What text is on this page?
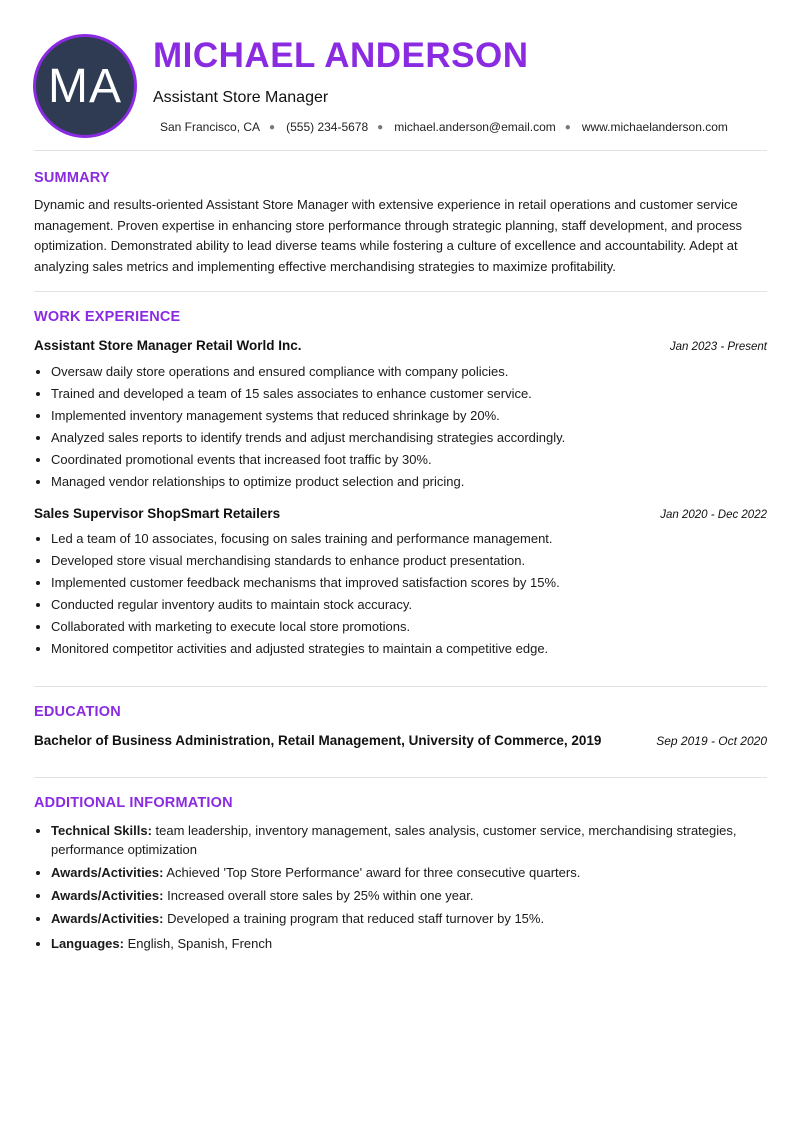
MA
MICHAEL ANDERSON
Assistant Store Manager
San Francisco, CA ● (555) 234-5678 ● michael.anderson@email.com ● www.michaelanderson.com
SUMMARY

Dynamic and results-oriented Assistant Store Manager with extensive experience in retail operations and customer service management. Proven expertise in enhancing store performance through strategic planning, staff development, and process optimization. Demonstrated ability to lead diverse teams while fostering a culture of excellence and accountability. Adept at analyzing sales metrics and implementing effective merchandising strategies to maximize profitability.

WORK EXPERIENCE
Assistant Store Manager Retail World Inc.	Jan 2023 - Present
• Oversaw daily store operations and ensured compliance with company policies.
• Trained and developed a team of 15 sales associates to enhance customer service.
• Implemented inventory management systems that reduced shrinkage by 20%.
• Analyzed sales reports to identify trends and adjust merchandising strategies accordingly.
• Coordinated promotional events that increased foot traffic by 30%.
• Managed vendor relationships to optimize product selection and pricing.
Sales Supervisor ShopSmart Retailers	Jan 2020 - Dec 2022
• Led a team of 10 associates, focusing on sales training and performance management.
• Developed store visual merchandising standards to enhance product presentation.
• Implemented customer feedback mechanisms that improved satisfaction scores by 15%.
• Conducted regular inventory audits to maintain stock accuracy.
• Collaborated with marketing to execute local store promotions.
• Monitored competitor activities and adjusted strategies to maintain a competitive edge.
EDUCATION
Bachelor of Business Administration, Retail Management, University of Commerce, 2019	Sep 2019 - Oct 2020
ADDITIONAL INFORMATION
• Technical Skills: team leadership, inventory management, sales analysis, customer service, merchandising strategies, performance optimization
• Awards/Activities: Achieved 'Top Store Performance' award for three consecutive quarters.
• Awards/Activities: Increased overall store sales by 25% within one year.
• Awards/Activities: Developed a training program that reduced staff turnover by 15%.
• Languages: English, Spanish, French
